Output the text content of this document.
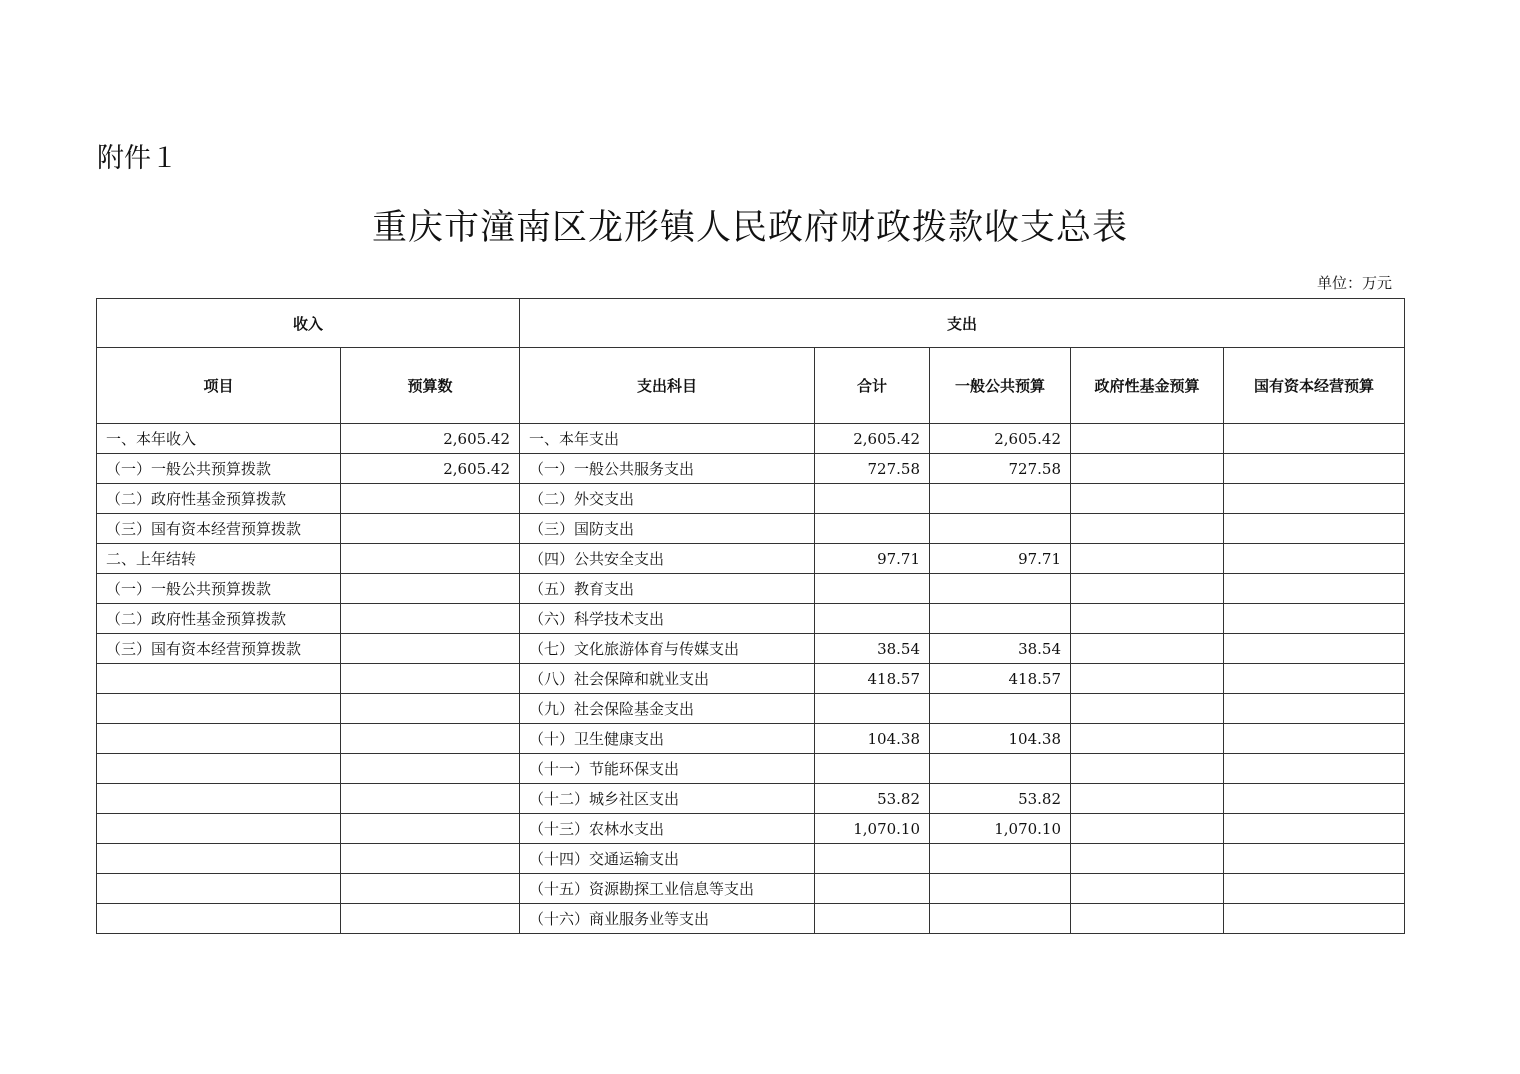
附件１
重庆市潼南区龙形镇人民政府财政拨款收支总表
单位：万元
收入		支出				
项目	预算数	支出科目	合计	一般公共预算	政府性基金预算	国有资本经营预算
一、本年收入	2,605.42	一、本年支出	2,605.42	2,605.42		
（一）一般公共预算拨款	2,605.42	（一）一般公共服务支出	727.58	727.58		
（二）政府性基金预算拨款		（二）外交支出				
（三）国有资本经营预算拨款		（三）国防支出				
二、上年结转		（四）公共安全支出	97.71	97.71		
（一）一般公共预算拨款		（五）教育支出				
（二）政府性基金预算拨款		（六）科学技术支出				
（三）国有资本经营预算拨款		（七）文化旅游体育与传媒支出	38.54	38.54		
		（八）社会保障和就业支出	418.57	418.57		
		（九）社会保险基金支出				
		（十）卫生健康支出	104.38	104.38		
		（十一）节能环保支出				
		（十二）城乡社区支出	53.82	53.82		
		（十三）农林水支出	1,070.10	1,070.10		
		（十四）交通运输支出				
		（十五）资源勘探工业信息等支出				
		（十六）商业服务业等支出				
